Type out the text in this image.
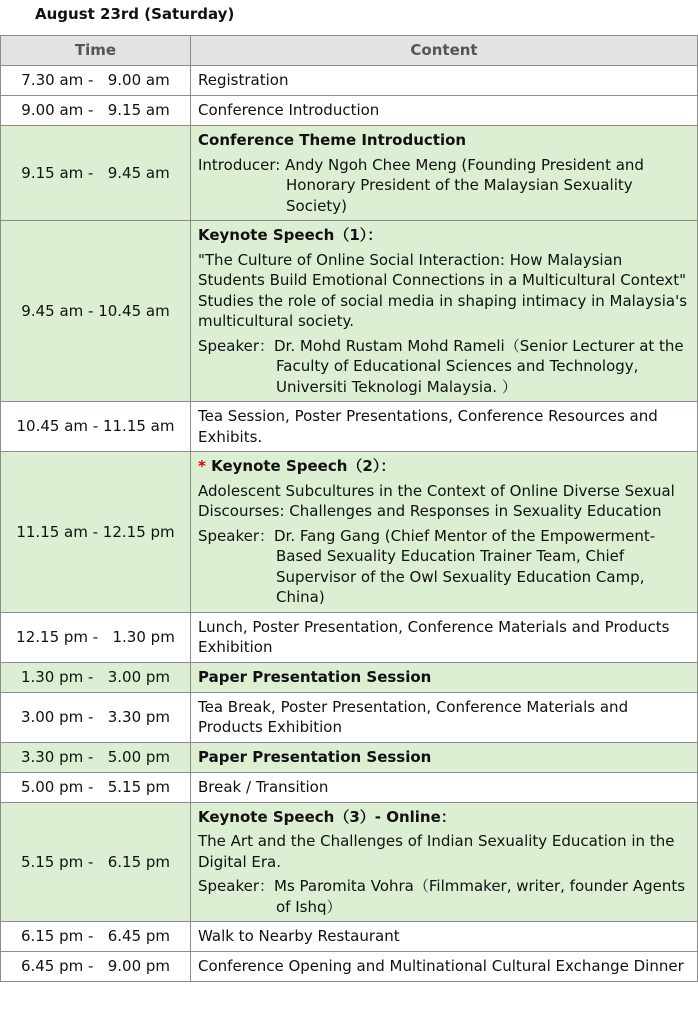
August 23rd (Saturday)
Time	Content
7.30 am -   9.00 am	Registration

9.00 am -   9.15 am	Conference Introduction

9.15 am -   9.45 am	Conference Theme Introduction
Introducer: Andy Ngoh Chee Meng (Founding President and Honorary President of the Malaysian Sexuality Society)

9.45 am - 10.45 am	Keynote Speech（1）：
"The Culture of Online Social Interaction: How Malaysian Students Build Emotional Connections in a Multicultural Context" Studies the role of social media in shaping intimacy in Malaysia's multicultural society.
Speaker：Dr. Mohd Rustam Mohd Rameli（Senior Lecturer at the Faculty of Educational Sciences and Technology, Universiti Teknologi Malaysia. ）

10.45 am - 11.15 am	Tea Session, Poster Presentations, Conference Resources and Exhibits.

11.15 am - 12.15 pm	* Keynote Speech（2）：
Adolescent Subcultures in the Context of Online Diverse Sexual Discourses: Challenges and Responses in Sexuality Education
Speaker：Dr. Fang Gang (Chief Mentor of the Empowerment-Based Sexuality Education Trainer Team, Chief Supervisor of the Owl Sexuality Education Camp, China)

12.15 pm -   1.30 pm	Lunch, Poster Presentation, Conference Materials and Products Exhibition

1.30 pm -   3.00 pm	Paper Presentation Session

3.00 pm -   3.30 pm	Tea Break, Poster Presentation, Conference Materials and Products Exhibition

3.30 pm -   5.00 pm	Paper Presentation Session

5.00 pm -   5.15 pm	Break / Transition

5.15 pm -   6.15 pm	Keynote Speech（3）- Online：
The Art and the Challenges of Indian Sexuality Education in the Digital Era.
Speaker：Ms Paromita Vohra（Filmmaker, writer, founder Agents of Ishq）

6.15 pm -   6.45 pm	Walk to Nearby Restaurant

6.45 pm -   9.00 pm	Conference Opening and Multinational Cultural Exchange Dinner
